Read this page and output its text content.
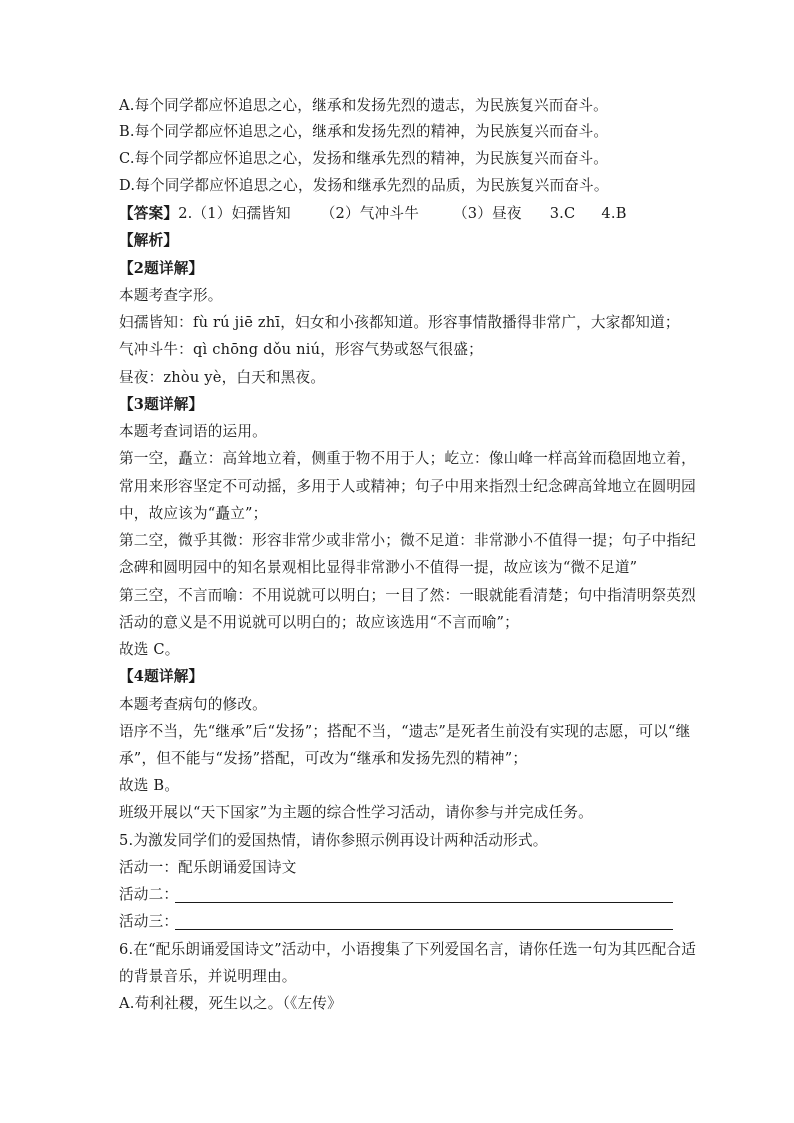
A.每个同学都应怀追思之心，继承和发扬先烈的遗志，为民族复兴而奋斗。
B.每个同学都应怀追思之心，继承和发扬先烈的精神，为民族复兴而奋斗。
C.每个同学都应怀追思之心，发扬和继承先烈的精神，为民族复兴而奋斗。
D.每个同学都应怀追思之心，发扬和继承先烈的品质，为民族复兴而奋斗。
【答案】2.（1）妇孺皆知 （2）气冲斗牛 （3）昼夜 3.C 4.B
【解析】
【2题详解】
本题考查字形。
妇孺皆知：fù rú jiē zhī，妇女和小孩都知道。形容事情散播得非常广，大家都知道；
气冲斗牛：qì chōng dǒu niú，形容气势或怒气很盛；
昼夜：zhòu yè，白天和黑夜。
【3题详解】
本题考查词语的运用。
第一空，矗立：高耸地立着，侧重于物不用于人；屹立：像山峰一样高耸而稳固地立着，
常用来形容坚定不可动摇，多用于人或精神；句子中用来指烈士纪念碑高耸地立在圆明园
中，故应该为“矗立”；
第二空，微乎其微：形容非常少或非常小；微不足道：非常渺小不值得一提；句子中指纪
念碑和圆明园中的知名景观相比显得非常渺小不值得一提，故应该为“微不足道”
第三空，不言而喻：不用说就可以明白；一目了然：一眼就能看清楚；句中指清明祭英烈
活动的意义是不用说就可以明白的；故应该选用“不言而喻”；
故选 C。
【4题详解】
本题考查病句的修改。
语序不当，先“继承”后“发扬”；搭配不当，“遗志”是死者生前没有实现的志愿，可以“继
承”，但不能与“发扬”搭配，可改为“继承和发扬先烈的精神”；
故选 B。
班级开展以“天下国家”为主题的综合性学习活动，请你参与并完成任务。
5.为激发同学们的爱国热情，请你参照示例再设计两种活动形式。
活动一：配乐朗诵爱国诗文
活动二：
活动三：
6.在“配乐朗诵爱国诗文”活动中，小语搜集了下列爱国名言，请你任选一句为其匹配合适
的背景音乐，并说明理由。
A.苟利社稷，死生以之。（《左传》
